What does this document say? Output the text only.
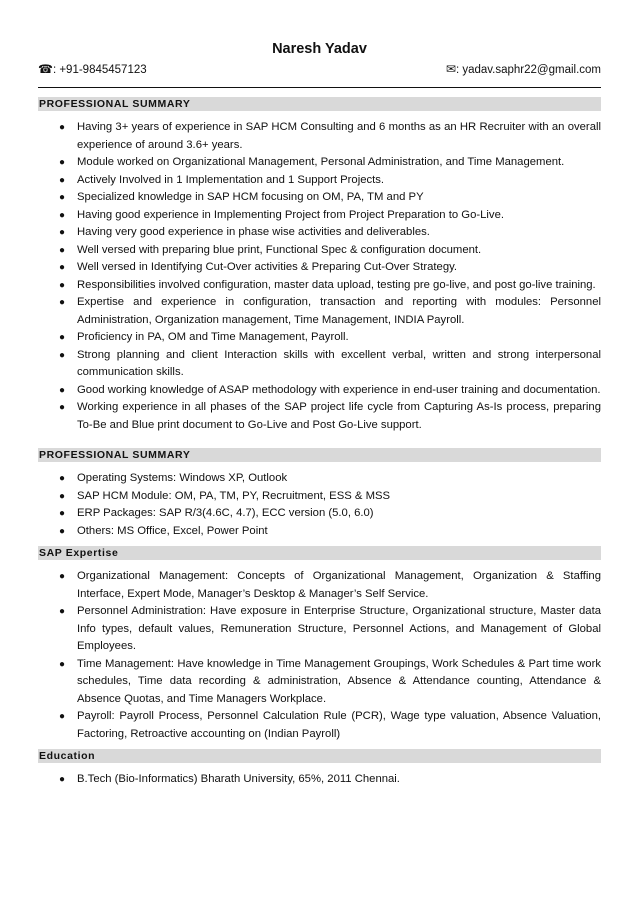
Naresh Yadav
☎: +91-9845457123	✉: yadav.saphr22@gmail.com
PROFESSIONAL SUMMARY
● Having 3+ years of experience in SAP HCM Consulting and 6 months as an HR Recruiter with an overall experience of around 3.6+ years.
● Module worked on Organizational Management, Personal Administration, and Time Management.
● Actively Involved in 1 Implementation and 1 Support Projects.
● Specialized knowledge in SAP HCM focusing on OM, PA, TM and PY
● Having good experience in Implementing Project from Project Preparation to Go-Live.
● Having very good experience in phase wise activities and deliverables.
● Well versed with preparing blue print, Functional Spec & configuration document.
● Well versed in Identifying Cut-Over activities & Preparing Cut-Over Strategy.
● Responsibilities involved configuration, master data upload, testing pre go-live, and post go-live training.
● Expertise and experience in configuration, transaction and reporting with modules: Personnel Administration, Organization management, Time Management, INDIA Payroll.
● Proficiency in PA, OM and Time Management, Payroll.
● Strong planning and client Interaction skills with excellent verbal, written and strong interpersonal communication skills.
● Good working knowledge of ASAP methodology with experience in end-user training and documentation.
● Working experience in all phases of the SAP project life cycle from Capturing As-Is process, preparing To-Be and Blue print document to Go-Live and Post Go-Live support.
PROFESSIONAL SUMMARY
● Operating Systems: Windows XP, Outlook
● SAP HCM Module: OM, PA, TM, PY, Recruitment, ESS & MSS
● ERP Packages: SAP R/3(4.6C, 4.7), ECC version (5.0, 6.0)
● Others: MS Office, Excel, Power Point
SAP Expertise
● Organizational Management: Concepts of Organizational Management, Organization & Staffing Interface, Expert Mode, Manager’s Desktop & Manager’s Self Service.
● Personnel Administration: Have exposure in Enterprise Structure, Organizational structure, Master data Info types, default values, Remuneration Structure, Personnel Actions, and Management of Global Employees.
● Time Management: Have knowledge in Time Management Groupings, Work Schedules & Part time work schedules, Time data recording & administration, Absence & Attendance counting, Attendance & Absence Quotas, and Time Managers Workplace.
● Payroll: Payroll Process, Personnel Calculation Rule (PCR), Wage type valuation, Absence Valuation, Factoring, Retroactive accounting on (Indian Payroll)
Education
● B.Tech (Bio-Informatics) Bharath University, 65%, 2011 Chennai.
